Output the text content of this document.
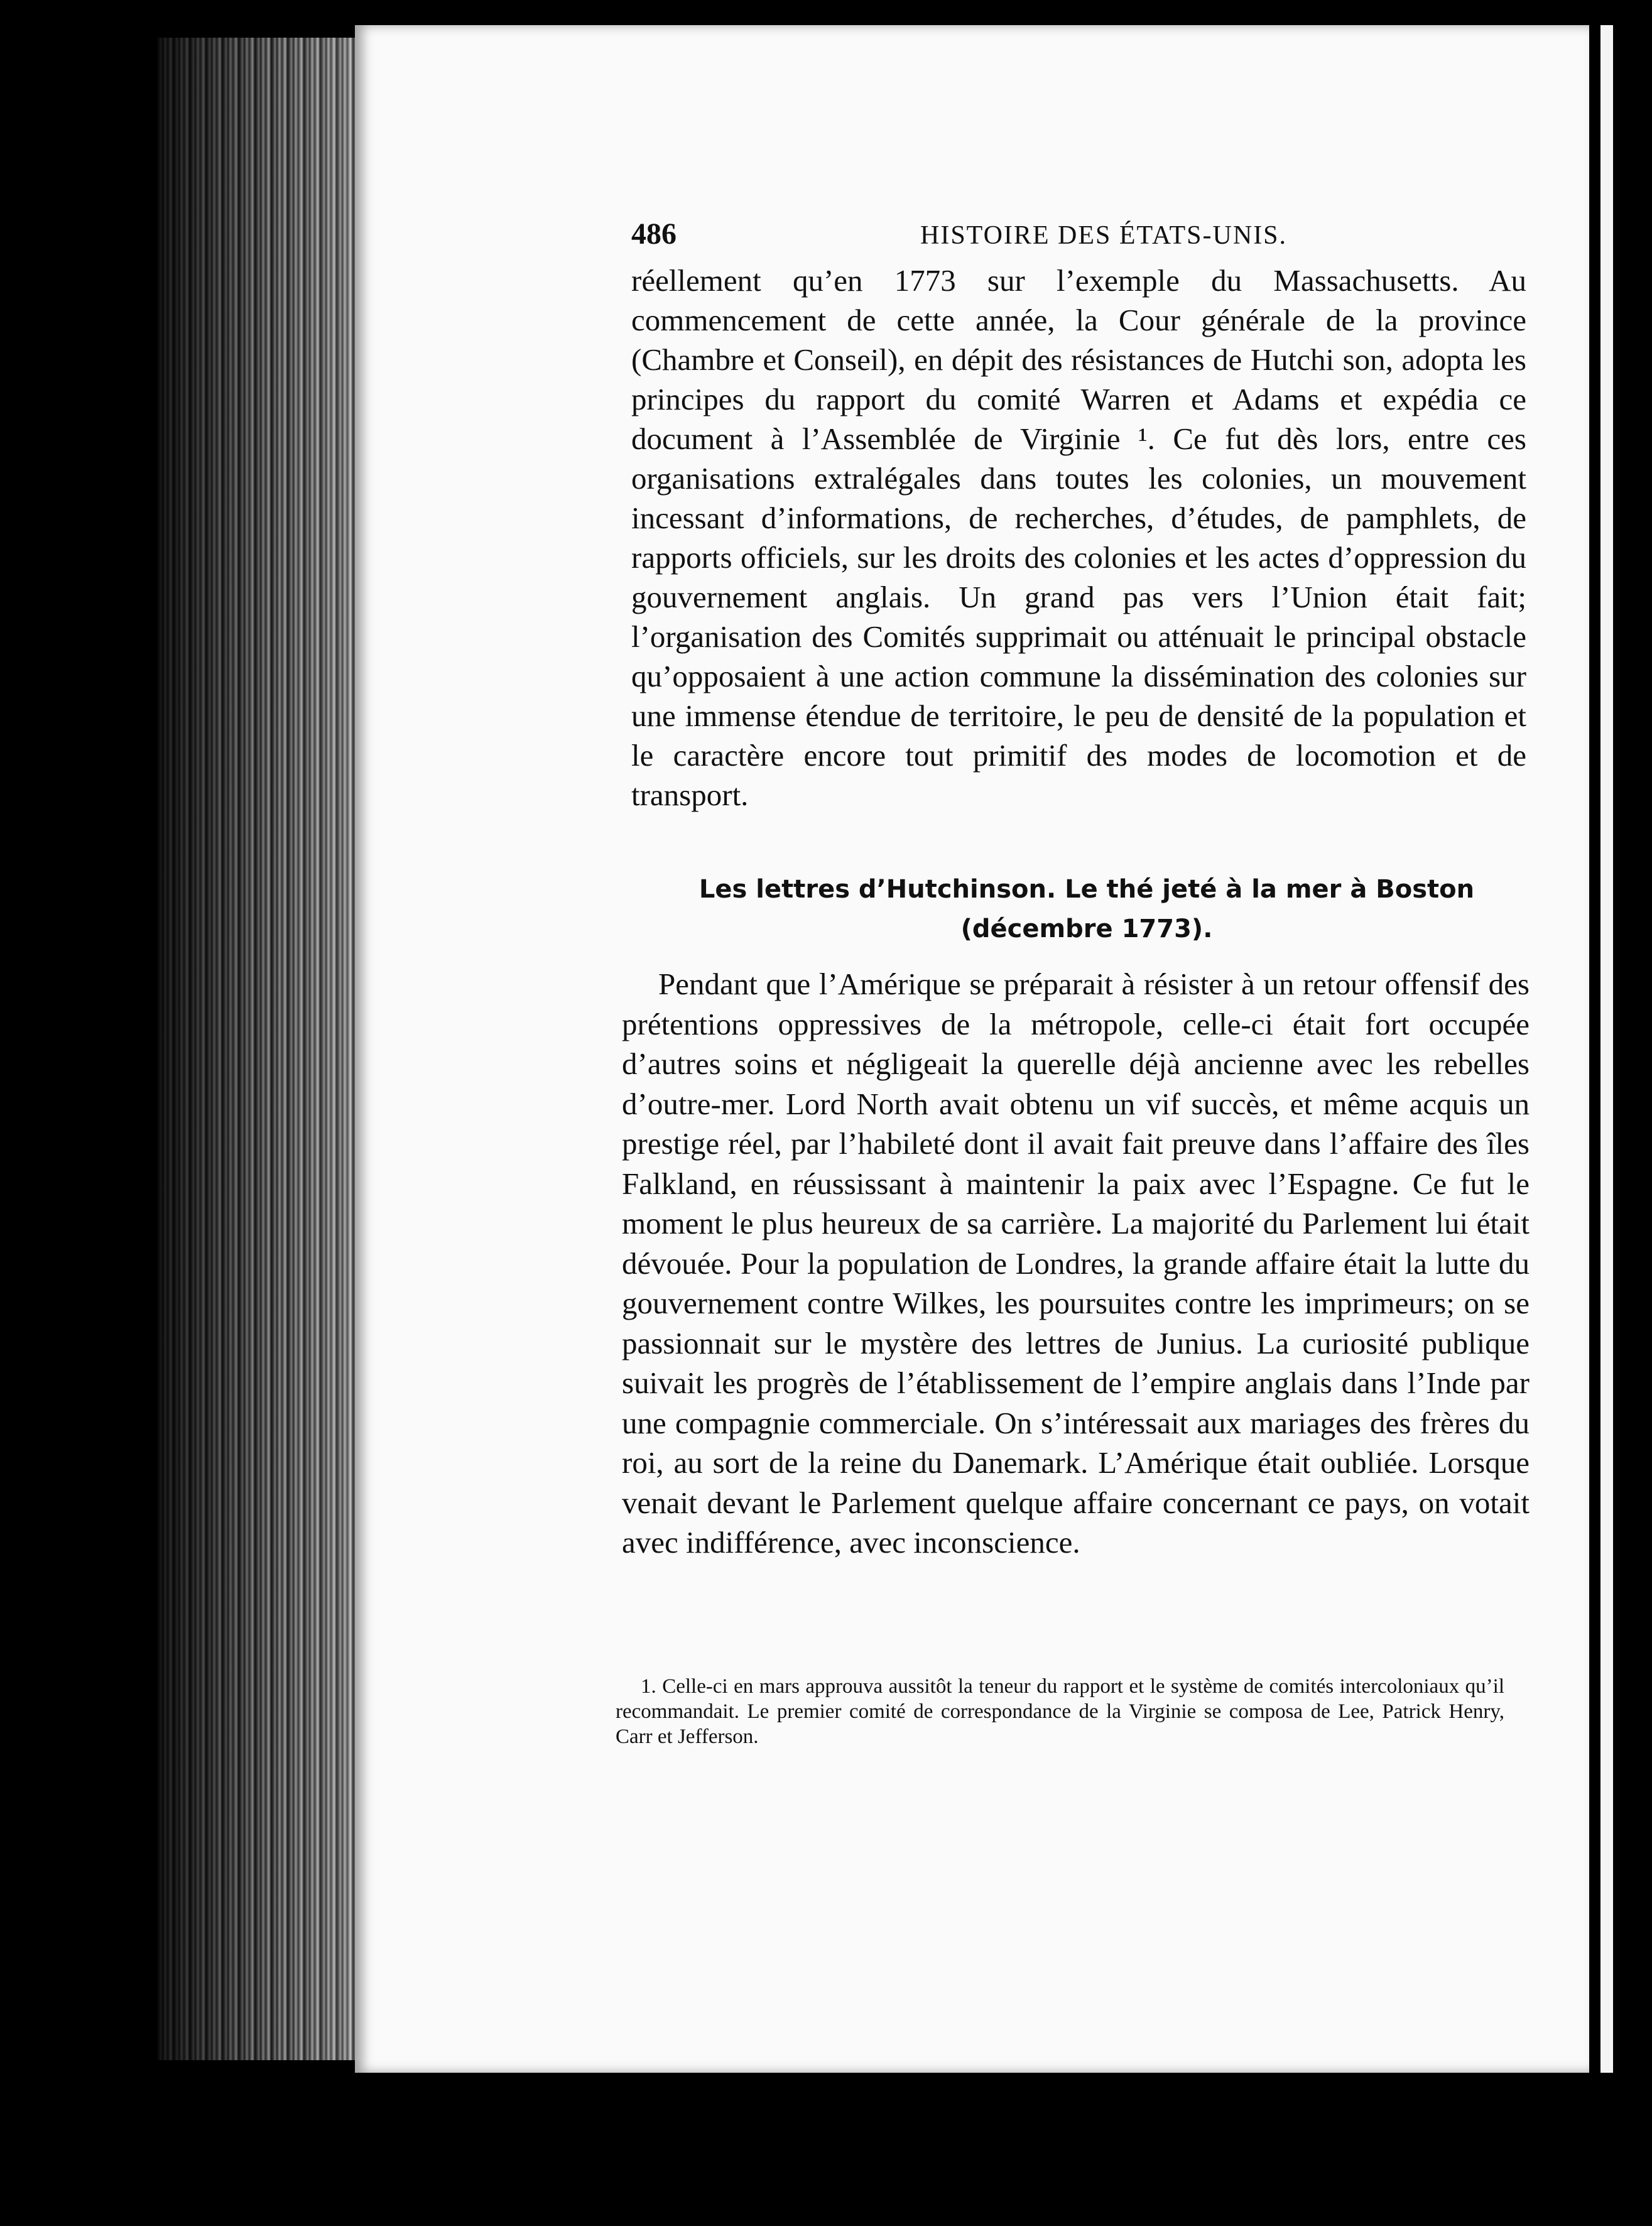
486	HISTOIRE DES ÉTATS-UNIS.

réellement qu’en 1773 sur l’exemple du Massachusetts. Au commencement de cette année, la Cour générale de la province (Chambre et Conseil), en dépit des résistances de Hutchi son, adopta les principes du rapport du comité Warren et Adams et expédia ce document à l’Assemblée de Virginie ¹. Ce fut dès lors, entre ces organisations extralégales dans toutes les colonies, un mouvement incessant d’informations, de recherches, d’études, de pamphlets, de rapports officiels, sur les droits des colonies et les actes d’oppression du gouvernement anglais. Un grand pas vers l’Union était fait; l’organisation des Comités supprimait ou atténuait le principal obstacle qu’opposaient à une action commune la dissémination des colonies sur une immense étendue de territoire, le peu de densité de la population et le caractère encore tout primitif des modes de locomotion et de transport.

Les lettres d’Hutchinson. Le thé jeté à la mer à Boston (décembre 1773).

Pendant que l’Amérique se préparait à résister à un retour offensif des prétentions oppressives de la métropole, celle-ci était fort occupée d’autres soins et négligeait la querelle déjà ancienne avec les rebelles d’outre-mer. Lord North avait obtenu un vif succès, et même acquis un prestige réel, par l’habileté dont il avait fait preuve dans l’affaire des îles Falkland, en réussissant à maintenir la paix avec l’Espagne. Ce fut le moment le plus heureux de sa carrière. La majorité du Parlement lui était dévouée. Pour la population de Londres, la grande affaire était la lutte du gouvernement contre Wilkes, les poursuites contre les imprimeurs; on se passionnait sur le mystère des lettres de Junius. La curiosité publique suivait les progrès de l’établissement de l’empire anglais dans l’Inde par une compagnie commerciale. On s’intéressait aux mariages des frères du roi, au sort de la reine du Danemark. L’Amérique était oubliée. Lorsque venait devant le Parlement quelque affaire concernant ce pays, on votait avec indifférence, avec inconscience.

1. Celle-ci en mars approuva aussitôt la teneur du rapport et le système de comités intercoloniaux qu’il recommandait. Le premier comité de correspondance de la Virginie se composa de Lee, Patrick Henry, Carr et Jefferson.
